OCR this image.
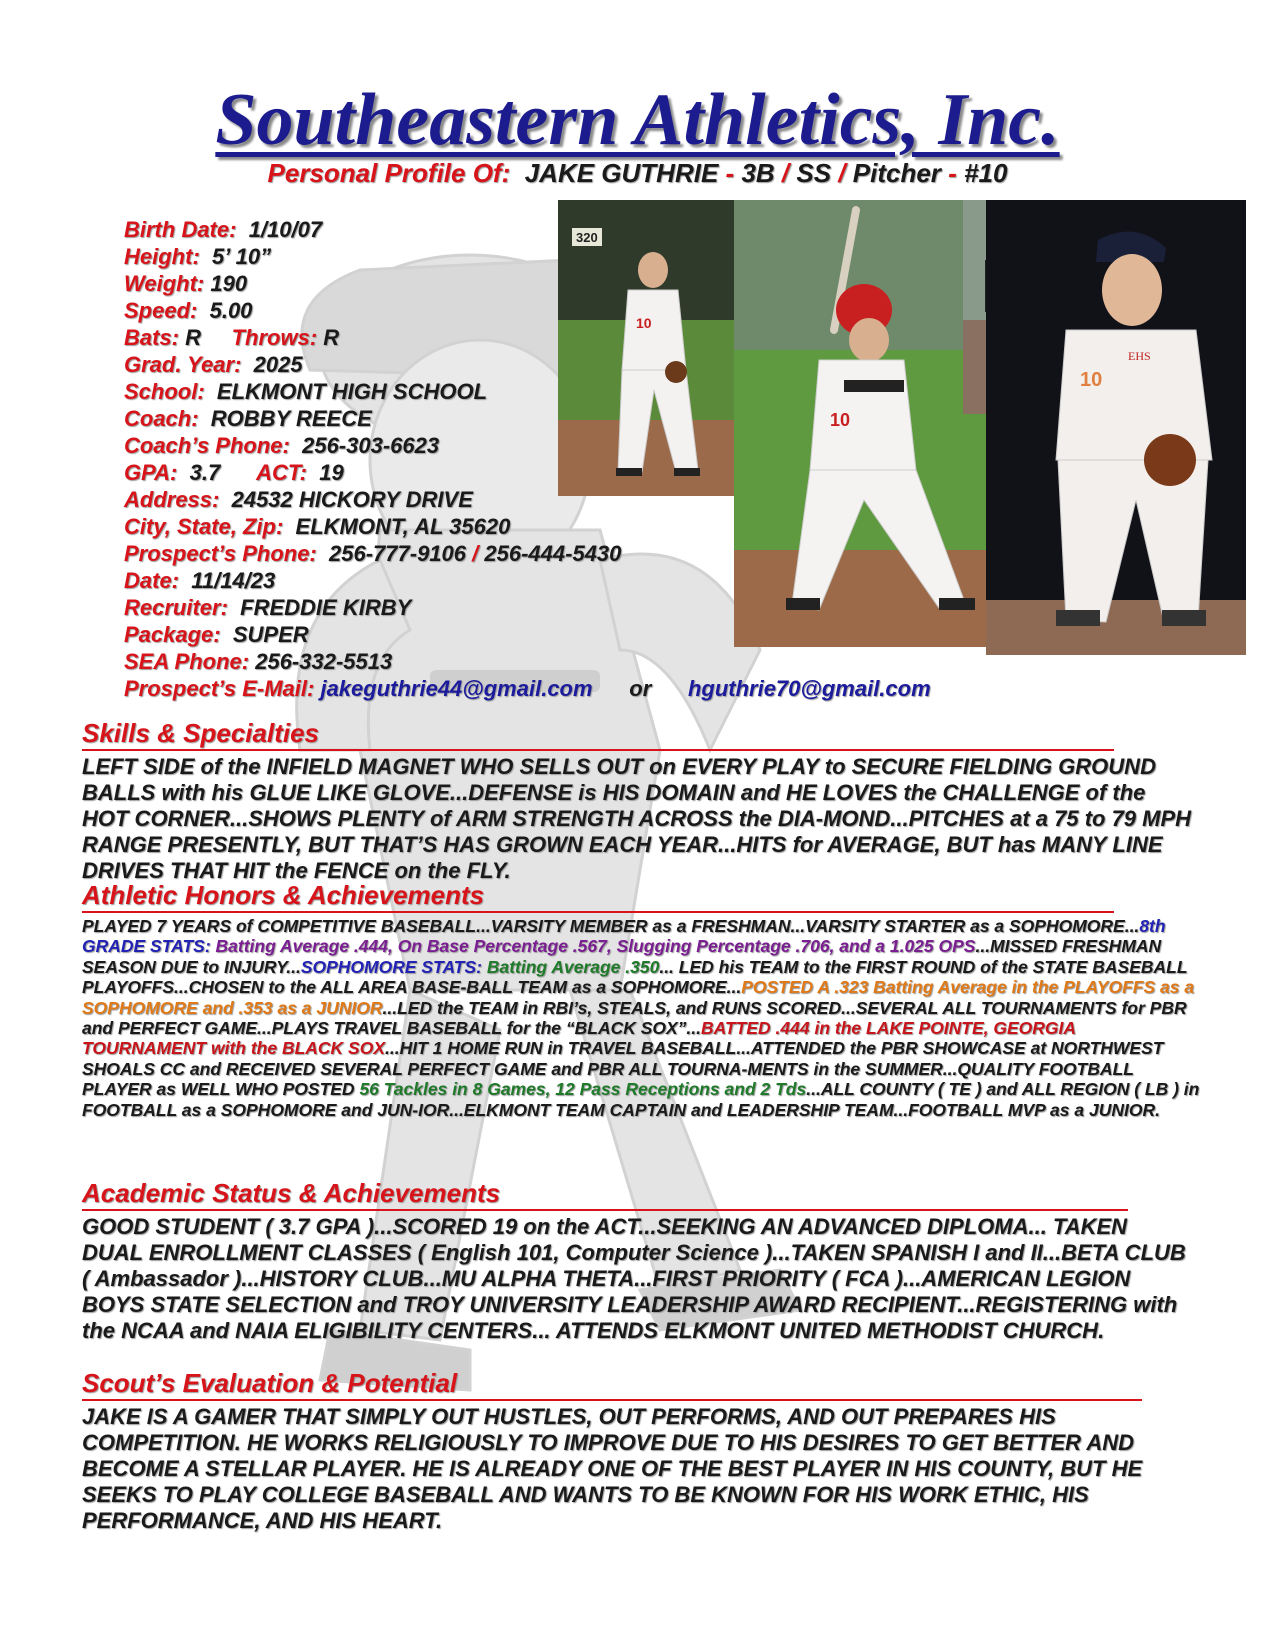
Southeastern Athletics, Inc.
Personal Profile Of: JAKE GUTHRIE - 3B / SS / Pitcher - #10
Birth Date: 1/10/07
Height: 5’ 10”
Weight: 190
Speed: 5.00
Bats: R Throws: R
Grad. Year: 2025
School: ELKMONT HIGH SCHOOL
Coach: ROBBY REECE
Coach’s Phone: 256-303-6623
GPA: 3.7 ACT: 19
Address: 24532 HICKORY DRIVE
City, State, Zip: ELKMONT, AL 35620
Prospect’s Phone: 256-777-9106 / 256-444-5430
Date: 11/14/23
Recruiter: FREDDIE KIRBY
Package: SUPER
SEA Phone: 256-332-5513
Prospect’s E-Mail: jakeguthrie44@gmail.com or hguthrie70@gmail.com
320
10
10
10
EHS
Skills & Specialties
LEFT SIDE of the INFIELD MAGNET WHO SELLS OUT on EVERY PLAY to SECURE FIELDING GROUND BALLS with his GLUE LIKE GLOVE...DEFENSE is HIS DOMAIN and HE LOVES the CHALLENGE of the HOT CORNER...SHOWS PLENTY of ARM STRENGTH ACROSS the DIA-MOND...PITCHES at a 75 to 79 MPH RANGE PRESENTLY, BUT THAT’S HAS GROWN EACH YEAR...HITS for AVERAGE, BUT has MANY LINE DRIVES THAT HIT the FENCE on the FLY.
Athletic Honors & Achievements
PLAYED 7 YEARS of COMPETITIVE BASEBALL...VARSITY MEMBER as a FRESHMAN...VARSITY STARTER as a SOPHOMORE...8th GRADE STATS: Batting Average .444, On Base Percentage .567, Slugging Percentage .706, and a 1.025 OPS...MISSED FRESHMAN SEASON DUE to INJURY...SOPHOMORE STATS: Batting Average .350... LED his TEAM to the FIRST ROUND of the STATE BASEBALL PLAYOFFS...CHOSEN to the ALL AREA BASE-BALL TEAM as a SOPHOMORE...POSTED A .323 Batting Average in the PLAYOFFS as a SOPHOMORE and .353 as a JUNIOR...LED the TEAM in RBI’s, STEALS, and RUNS SCORED...SEVERAL ALL TOURNAMENTS for PBR and PERFECT GAME...PLAYS TRAVEL BASEBALL for the “BLACK SOX”...BATTED .444 in the LAKE POINTE, GEORGIA TOURNAMENT with the BLACK SOX...HIT 1 HOME RUN in TRAVEL BASEBALL...ATTENDED the PBR SHOWCASE at NORTHWEST SHOALS CC and RECEIVED SEVERAL PERFECT GAME and PBR ALL TOURNA-MENTS in the SUMMER...QUALITY FOOTBALL PLAYER as WELL WHO POSTED 56 Tackles in 8 Games, 12 Pass Receptions and 2 Tds...ALL COUNTY ( TE ) and ALL REGION ( LB ) in FOOTBALL as a SOPHOMORE and JUN-IOR...ELKMONT TEAM CAPTAIN and LEADERSHIP TEAM...FOOTBALL MVP as a JUNIOR.
Academic Status & Achievements
GOOD STUDENT ( 3.7 GPA )...SCORED 19 on the ACT...SEEKING AN ADVANCED DIPLOMA... TAKEN DUAL ENROLLMENT CLASSES ( English 101, Computer Science )...TAKEN SPANISH I and II...BETA CLUB ( Ambassador )...HISTORY CLUB...MU ALPHA THETA...FIRST PRIORITY ( FCA )...AMERICAN LEGION BOYS STATE SELECTION and TROY UNIVERSITY LEADERSHIP AWARD RECIPIENT...REGISTERING with the NCAA and NAIA ELIGIBILITY CENTERS... ATTENDS ELKMONT UNITED METHODIST CHURCH.
Scout’s Evaluation & Potential
JAKE IS A GAMER THAT SIMPLY OUT HUSTLES, OUT PERFORMS, AND OUT PREPARES HIS COMPETITION. HE WORKS RELIGIOUSLY TO IMPROVE DUE TO HIS DESIRES TO GET BETTER AND BECOME A STELLAR PLAYER. HE IS ALREADY ONE OF THE BEST PLAYER IN HIS COUNTY, BUT HE SEEKS TO PLAY COLLEGE BASEBALL AND WANTS TO BE KNOWN FOR HIS WORK ETHIC, HIS PERFORMANCE, AND HIS HEART.
